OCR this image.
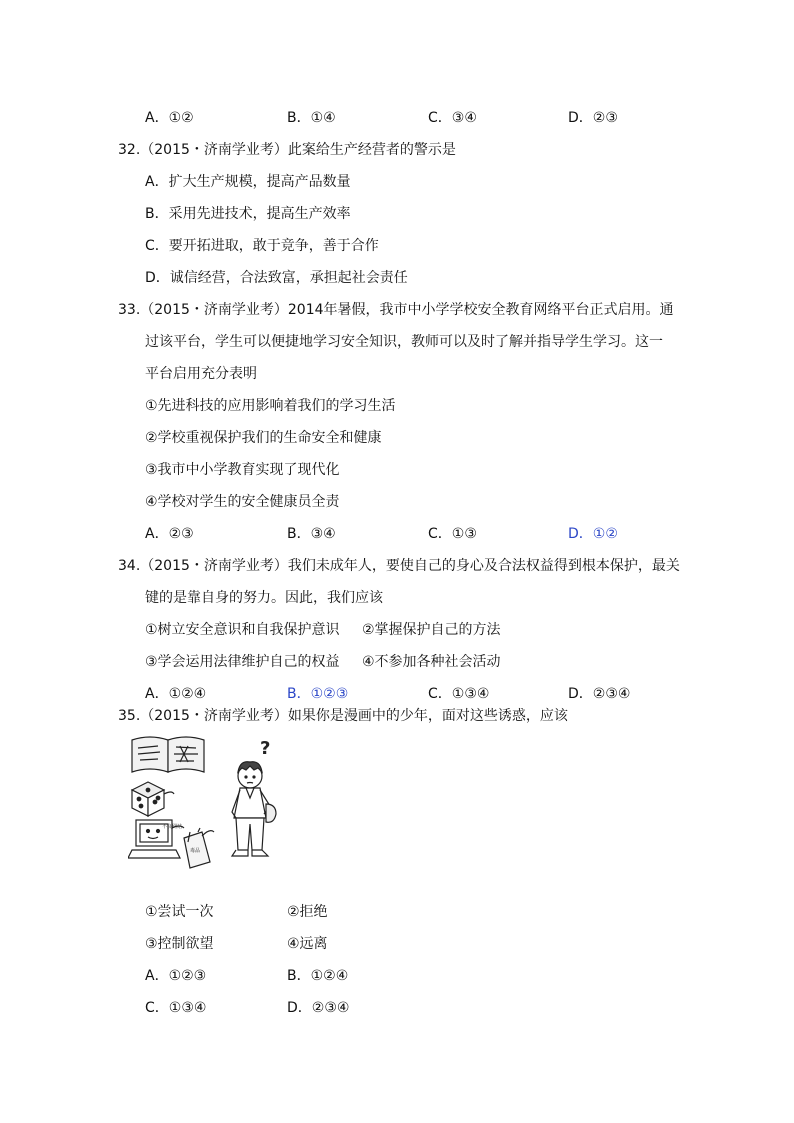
A．①②	B．①④	C．③④	D．②③
32.（2015・济南学业考）此案给生产经营者的警示是
A．扩大生产规模，提高产品数量
B．采用先进技术，提高生产效率
C．要开拓进取，敢于竞争，善于合作
D．诚信经营，合法致富，承担起社会责任
33.（2015・济南学业考）2014年暑假，我市中小学学校安全教育网络平台正式启用。通
过该平台，学生可以便捷地学习安全知识，教师可以及时了解并指导学生学习。这一
平台启用充分表明
①先进科技的应用影响着我们的学习生活
②学校重视保护我们的生命安全和健康
③我市中小学教育实现了现代化
④学校对学生的安全健康员全责
A．②③	B．③④	C．①③	D．①②
34.（2015・济南学业考）我们未成年人，要使自己的身心及合法权益得到根本保护，最关
键的是靠自身的努力。因此，我们应该
①树立安全意识和自我保护意识 ②掌握保护自己的方法
③学会运用法律维护自己的权益 ④不参加各种社会活动
A．①②④	B．①②③	C．①③④	D．②③④
35.（2015・济南学业考）如果你是漫画中的少年，面对这些诱惑，应该
不良网站
毒品
?
①尝试一次	②拒绝
③控制欲望	④远离
A．①②③	B．①②④
C．①③④	D．②③④
